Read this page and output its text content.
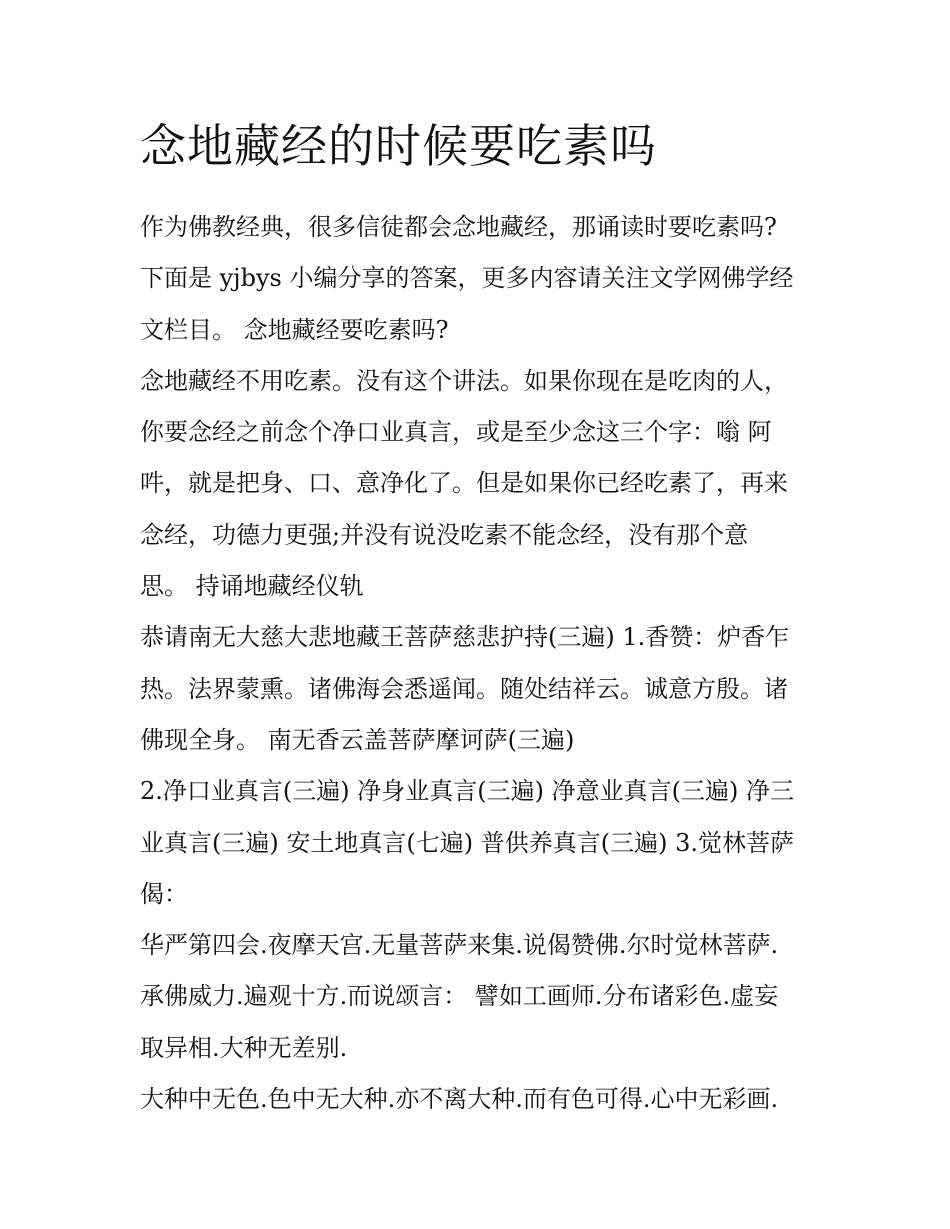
念地藏经的时候要吃素吗

作为佛教经典，很多信徒都会念地藏经，那诵读时要吃素吗?
下面是 yjbys 小编分享的答案，更多内容请关注文学网佛学经
文栏目。 念地藏经要吃素吗?

念地藏经不用吃素。没有这个讲法。如果你现在是吃肉的人，
你要念经之前念个净口业真言，或是至少念这三个字：嗡 阿
吽，就是把身、口、意净化了。但是如果你已经吃素了，再来
念经，功德力更强;并没有说没吃素不能念经，没有那个意
思。 持诵地藏经仪轨

恭请南无大慈大悲地藏王菩萨慈悲护持(三遍) 1.香赞：炉香乍
热。法界蒙熏。诸佛海会悉遥闻。随处结祥云。诚意方殷。诸
佛现全身。 南无香云盖菩萨摩诃萨(三遍)

2.净口业真言(三遍) 净身业真言(三遍) 净意业真言(三遍) 净三
业真言(三遍) 安土地真言(七遍) 普供养真言(三遍) 3.觉林菩萨
偈：

华严第四会.夜摩天宫.无量菩萨来集.说偈赞佛.尔时觉林菩萨.
承佛威力.遍观十方.而说颂言： 譬如工画师.分布诸彩色.虚妄
取异相.大种无差别.

大种中无色.色中无大种.亦不离大种.而有色可得.心中无彩画.
